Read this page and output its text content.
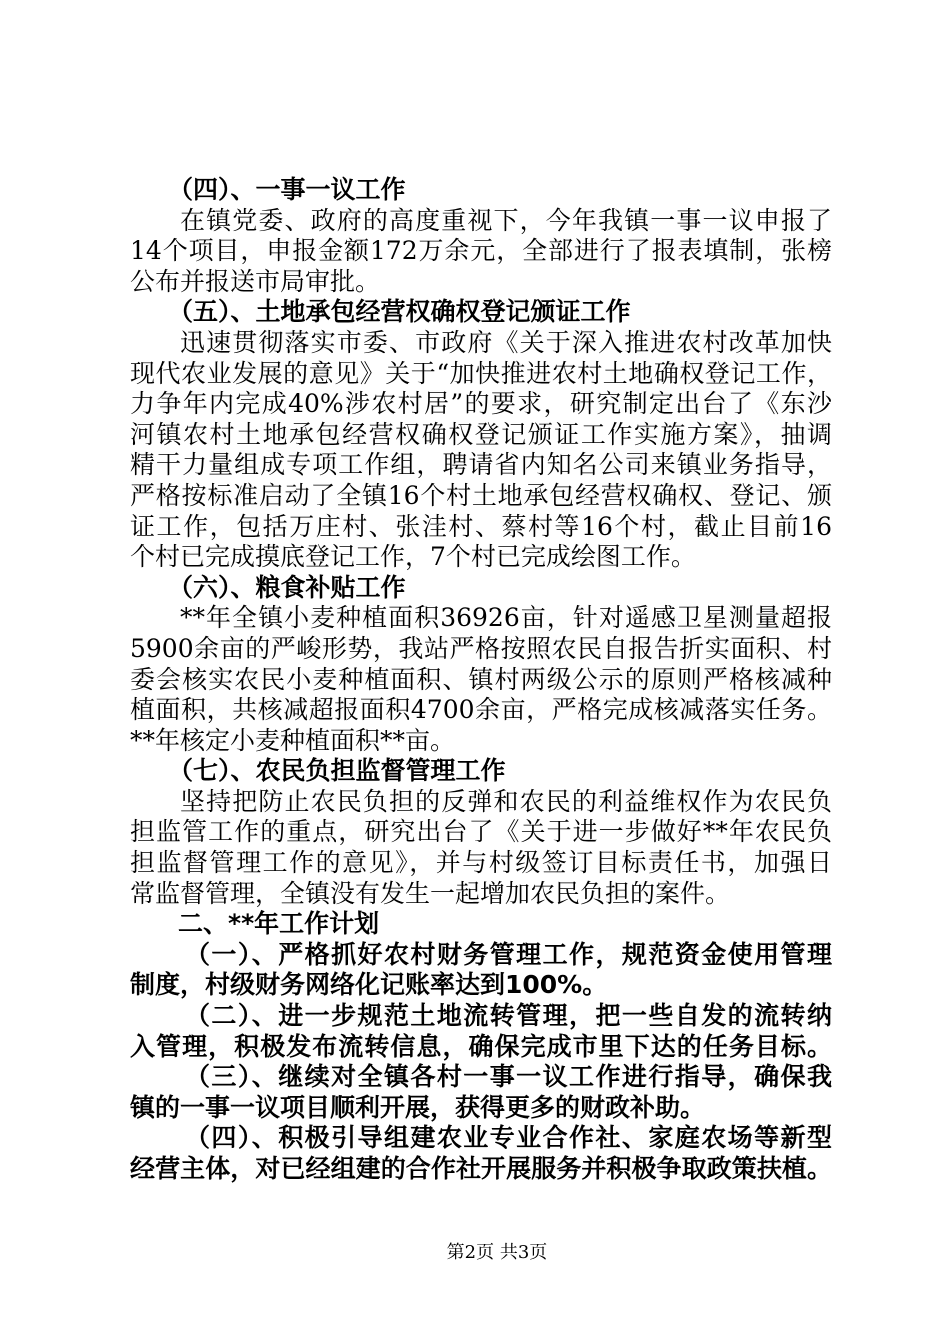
（四）、一事一议工作
在镇党委、政府的高度重视下，今年我镇一事一议申报了
14个项目，申报金额172万余元，全部进行了报表填制，张榜
公布并报送市局审批。
（五）、土地承包经营权确权登记颁证工作
迅速贯彻落实市委、市政府《关于深入推进农村改革加快
现代农业发展的意见》关于“加快推进农村土地确权登记工作，
力争年内完成40%涉农村居”的要求，研究制定出台了《东沙
河镇农村土地承包经营权确权登记颁证工作实施方案》，抽调
精干力量组成专项工作组，聘请省内知名公司来镇业务指导，
严格按标准启动了全镇16个村土地承包经营权确权、登记、颁
证工作，包括万庄村、张洼村、蔡村等16个村，截止目前16
个村已完成摸底登记工作，7个村已完成绘图工作。
（六）、粮食补贴工作
**年全镇小麦种植面积36926亩，针对遥感卫星测量超报
5900余亩的严峻形势，我站严格按照农民自报告折实面积、村
委会核实农民小麦种植面积、镇村两级公示的原则严格核减种
植面积，共核减超报面积4700余亩，严格完成核减落实任务。
**年核定小麦种植面积**亩。
（七）、农民负担监督管理工作
坚持把防止农民负担的反弹和农民的利益维权作为农民负
担监管工作的重点，研究出台了《关于进一步做好**年农民负
担监督管理工作的意见》，并与村级签订目标责任书，加强日
常监督管理，全镇没有发生一起增加农民负担的案件。
二、**年工作计划
（一）、严格抓好农村财务管理工作，规范资金使用管理
制度，村级财务网络化记账率达到100%。
（二）、进一步规范土地流转管理，把一些自发的流转纳
入管理，积极发布流转信息，确保完成市里下达的任务目标。
（三）、继续对全镇各村一事一议工作进行指导，确保我
镇的一事一议项目顺利开展，获得更多的财政补助。
（四）、积极引导组建农业专业合作社、家庭农场等新型
经营主体，对已经组建的合作社开展服务并积极争取政策扶植。
第2页 共3页
